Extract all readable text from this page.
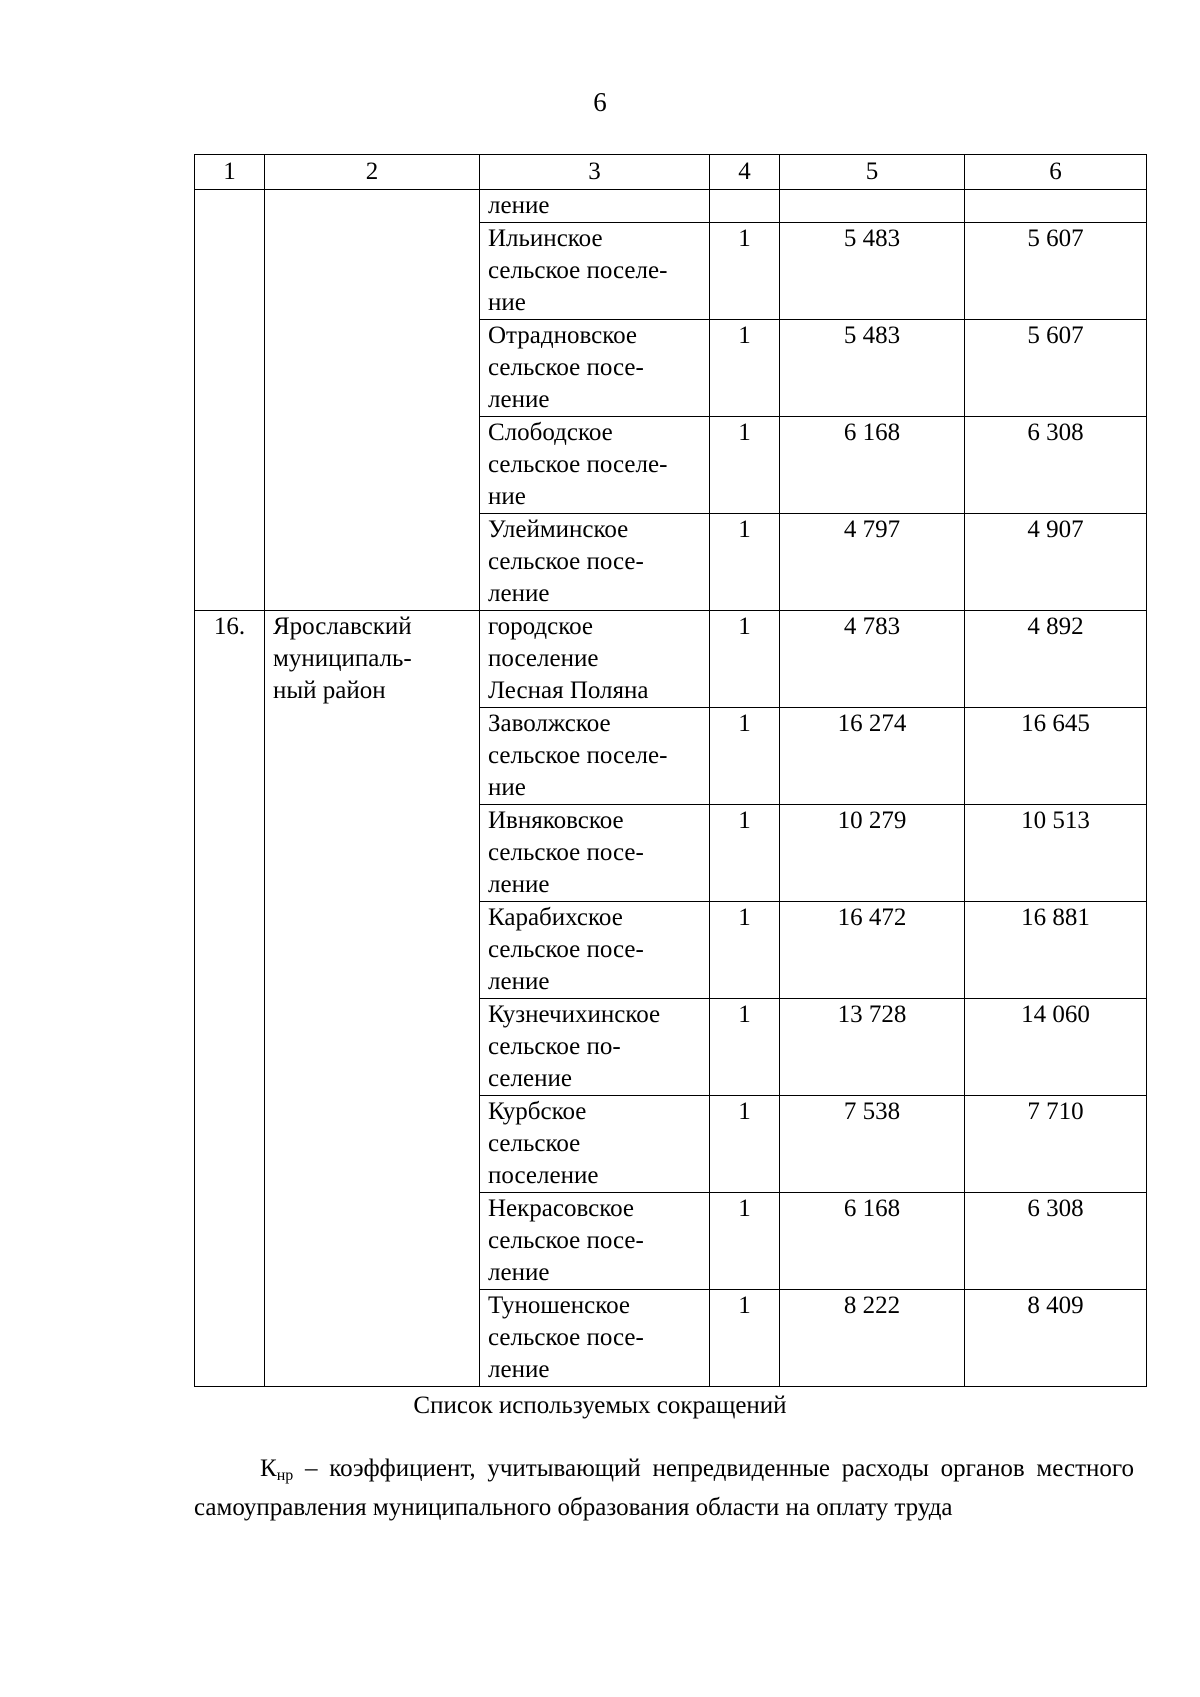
6
1	2	3	4	5	6
		ление			
		Ильинское
сельское поселе-
ние	1	5 483	5 607
		Отрадновское
сельское посе-
ление	1	5 483	5 607
		Слободское
сельское поселе-
ние	1	6 168	6 308
		Улейминское
сельское посе-
ление	1	4 797	4 907
16.	Ярославский
муниципаль-
ный район	городское
поселение
Лесная Поляна	1	4 783	4 892
		Заволжское
сельское поселе-
ние	1	16 274	16 645
		Ивняковское
сельское посе-
ление	1	10 279	10 513
		Карабихское
сельское посе-
ление	1	16 472	16 881
		Кузнечихинское
сельское по-
селение	1	13 728	14 060
		Курбское
сельское
поселение	1	7 538	7 710
		Некрасовское
сельское посе-
ление	1	6 168	6 308
		Туношенское
сельское посе-
ление	1	8 222	8 409
Список используемых сокращений
$К_{нр}$ – коэффициент, учитывающий непредвиденные расходы органов местного самоуправления муниципального образования области на оплату труда
